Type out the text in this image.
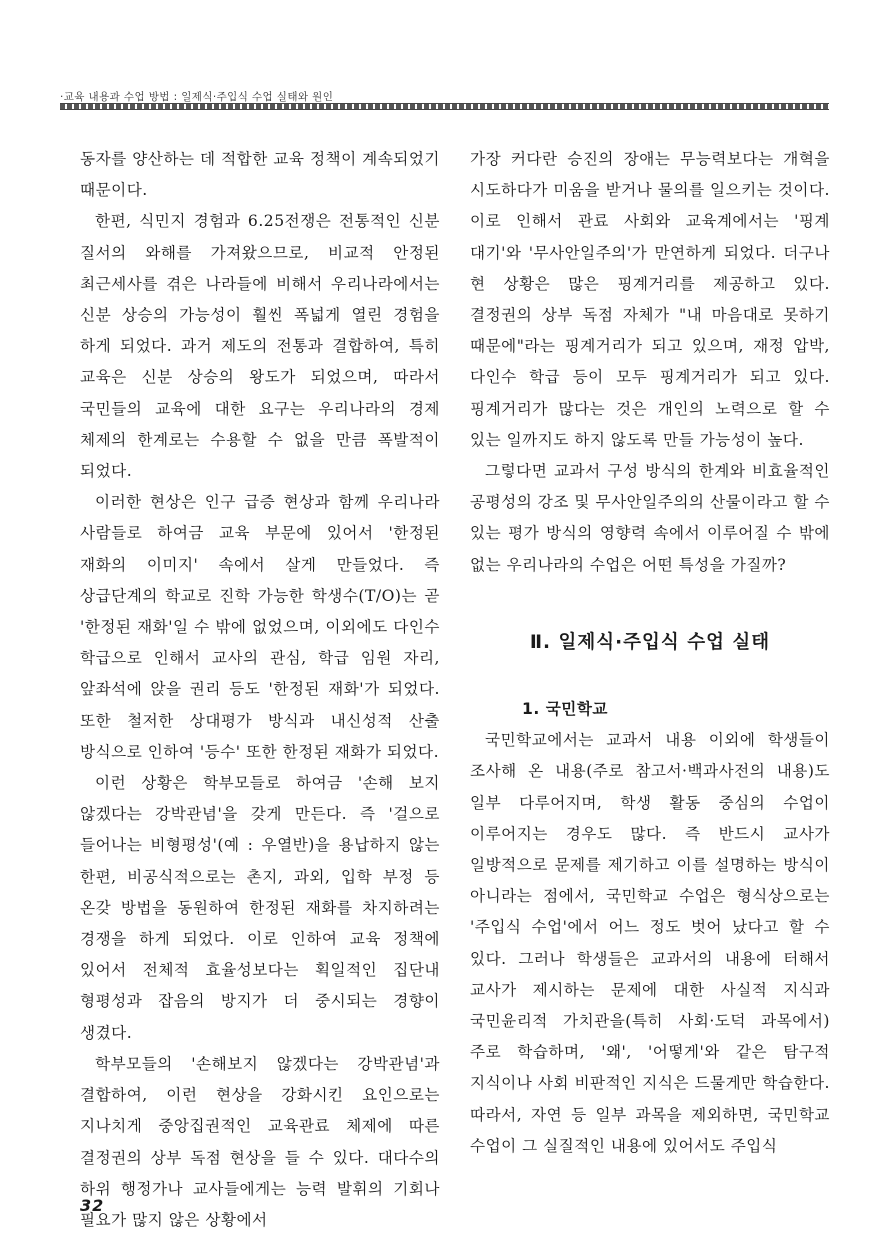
·교육 내용과 수업 방법 : 일제식·주입식 수업 실태와 원인

동자를 양산하는 데 적합한 교육 정책이 계속되었기 때문이다.

한편, 식민지 경험과 6.25전쟁은 전통적인 신분 질서의 와해를 가져왔으므로, 비교적 안정된 최근세사를 겪은 나라들에 비해서 우리나라에서는 신분 상승의 가능성이 훨씬 폭넓게 열린 경험을 하게 되었다. 과거 제도의 전통과 결합하여, 특히 교육은 신분 상승의 왕도가 되었으며, 따라서 국민들의 교육에 대한 요구는 우리나라의 경제 체제의 한계로는 수용할 수 없을 만큼 폭발적이 되었다.

이러한 현상은 인구 급증 현상과 함께 우리나라 사람들로 하여금 교육 부문에 있어서 '한정된 재화의 이미지' 속에서 살게 만들었다. 즉 상급단계의 학교로 진학 가능한 학생수(T/O)는 곧 '한정된 재화'일 수 밖에 없었으며, 이외에도 다인수 학급으로 인해서 교사의 관심, 학급 임원 자리, 앞좌석에 앉을 권리 등도 '한정된 재화'가 되었다. 또한 철저한 상대평가 방식과 내신성적 산출 방식으로 인하여 '등수' 또한 한정된 재화가 되었다.

이런 상황은 학부모들로 하여금 '손해 보지 않겠다는 강박관념'을 갖게 만든다. 즉 '걸으로 들어나는 비형평성'(예 : 우열반)을 용납하지 않는 한편, 비공식적으로는 촌지, 과외, 입학 부정 등 온갖 방법을 동원하여 한정된 재화를 차지하려는 경쟁을 하게 되었다. 이로 인하여 교육 정책에 있어서 전체적 효율성보다는 획일적인 집단내 형평성과 잡음의 방지가 더 중시되는 경향이 생겼다.

학부모들의 '손해보지 않겠다는 강박관념'과 결합하여, 이런 현상을 강화시킨 요인으로는 지나치게 중앙집권적인 교육관료 체제에 따른 결정권의 상부 독점 현상을 들 수 있다. 대다수의 하위 행정가나 교사들에게는 능력 발휘의 기회나 필요가 많지 않은 상황에서

가장 커다란 승진의 장애는 무능력보다는 개혁을 시도하다가 미움을 받거나 물의를 일으키는 것이다. 이로 인해서 관료 사회와 교육계에서는 '핑계 대기'와 '무사안일주의'가 만연하게 되었다. 더구나 현 상황은 많은 핑계거리를 제공하고 있다. 결정권의 상부 독점 자체가 "내 마음대로 못하기 때문에"라는 핑계거리가 되고 있으며, 재정 압박, 다인수 학급 등이 모두 핑계거리가 되고 있다. 핑계거리가 많다는 것은 개인의 노력으로 할 수 있는 일까지도 하지 않도록 만들 가능성이 높다.

그렇다면 교과서 구성 방식의 한계와 비효율적인 공평성의 강조 및 무사안일주의의 산물이라고 할 수 있는 평가 방식의 영향력 속에서 이루어질 수 밖에 없는 우리나라의 수업은 어떤 특성을 가질까?

Ⅱ. 일제식·주입식 수업 실태
1. 국민학교

국민학교에서는 교과서 내용 이외에 학생들이 조사해 온 내용(주로 참고서·백과사전의 내용)도 일부 다루어지며, 학생 활동 중심의 수업이 이루어지는 경우도 많다. 즉 반드시 교사가 일방적으로 문제를 제기하고 이를 설명하는 방식이 아니라는 점에서, 국민학교 수업은 형식상으로는 '주입식 수업'에서 어느 정도 벗어 났다고 할 수 있다. 그러나 학생들은 교과서의 내용에 터해서 교사가 제시하는 문제에 대한 사실적 지식과 국민윤리적 가치관을(특히 사회·도덕 과목에서)주로 학습하며, '왜', '어떻게'와 같은 탐구적 지식이나 사회 비판적인 지식은 드물게만 학습한다. 따라서, 자연 등 일부 과목을 제외하면, 국민학교 수업이 그 실질적인 내용에 있어서도 주입식

32
